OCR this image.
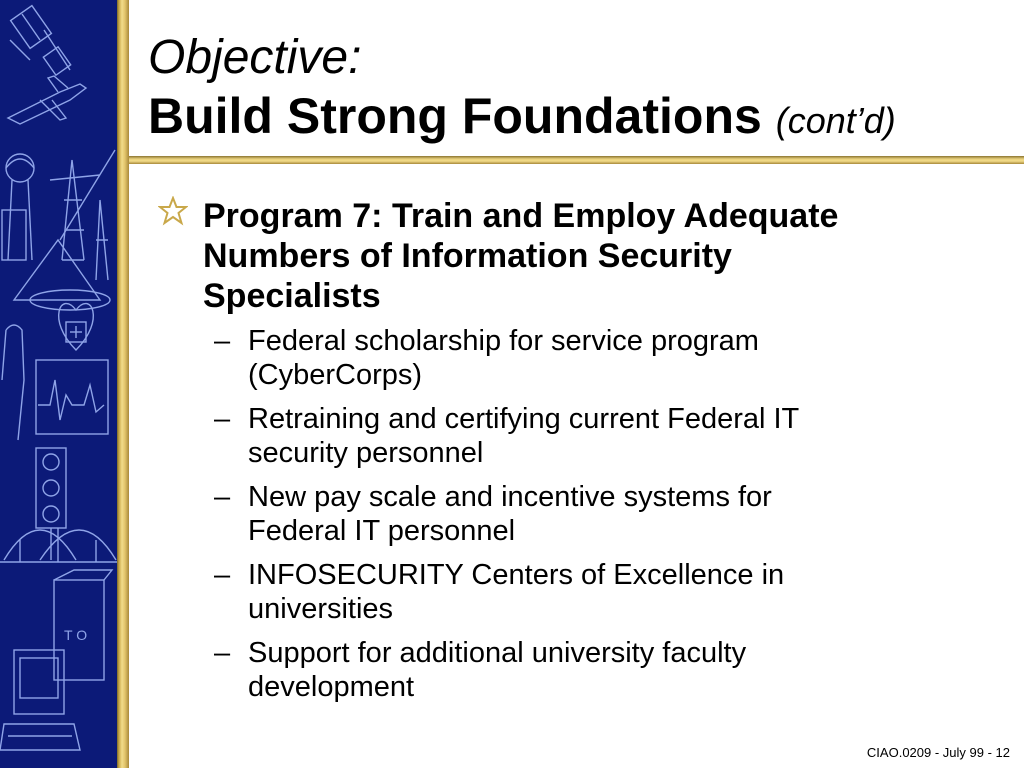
T O
Objective:
Build Strong Foundations (cont’d)
Program 7: Train and Employ Adequate Numbers of Information Security Specialists
– Federal scholarship for service program (CyberCorps)
– Retraining and certifying current Federal IT security personnel
– New pay scale and incentive systems for Federal IT personnel
– INFOSECURITY Centers of Excellence in universities
– Support for additional university faculty development
CIAO.0209 - July 99 - 12
